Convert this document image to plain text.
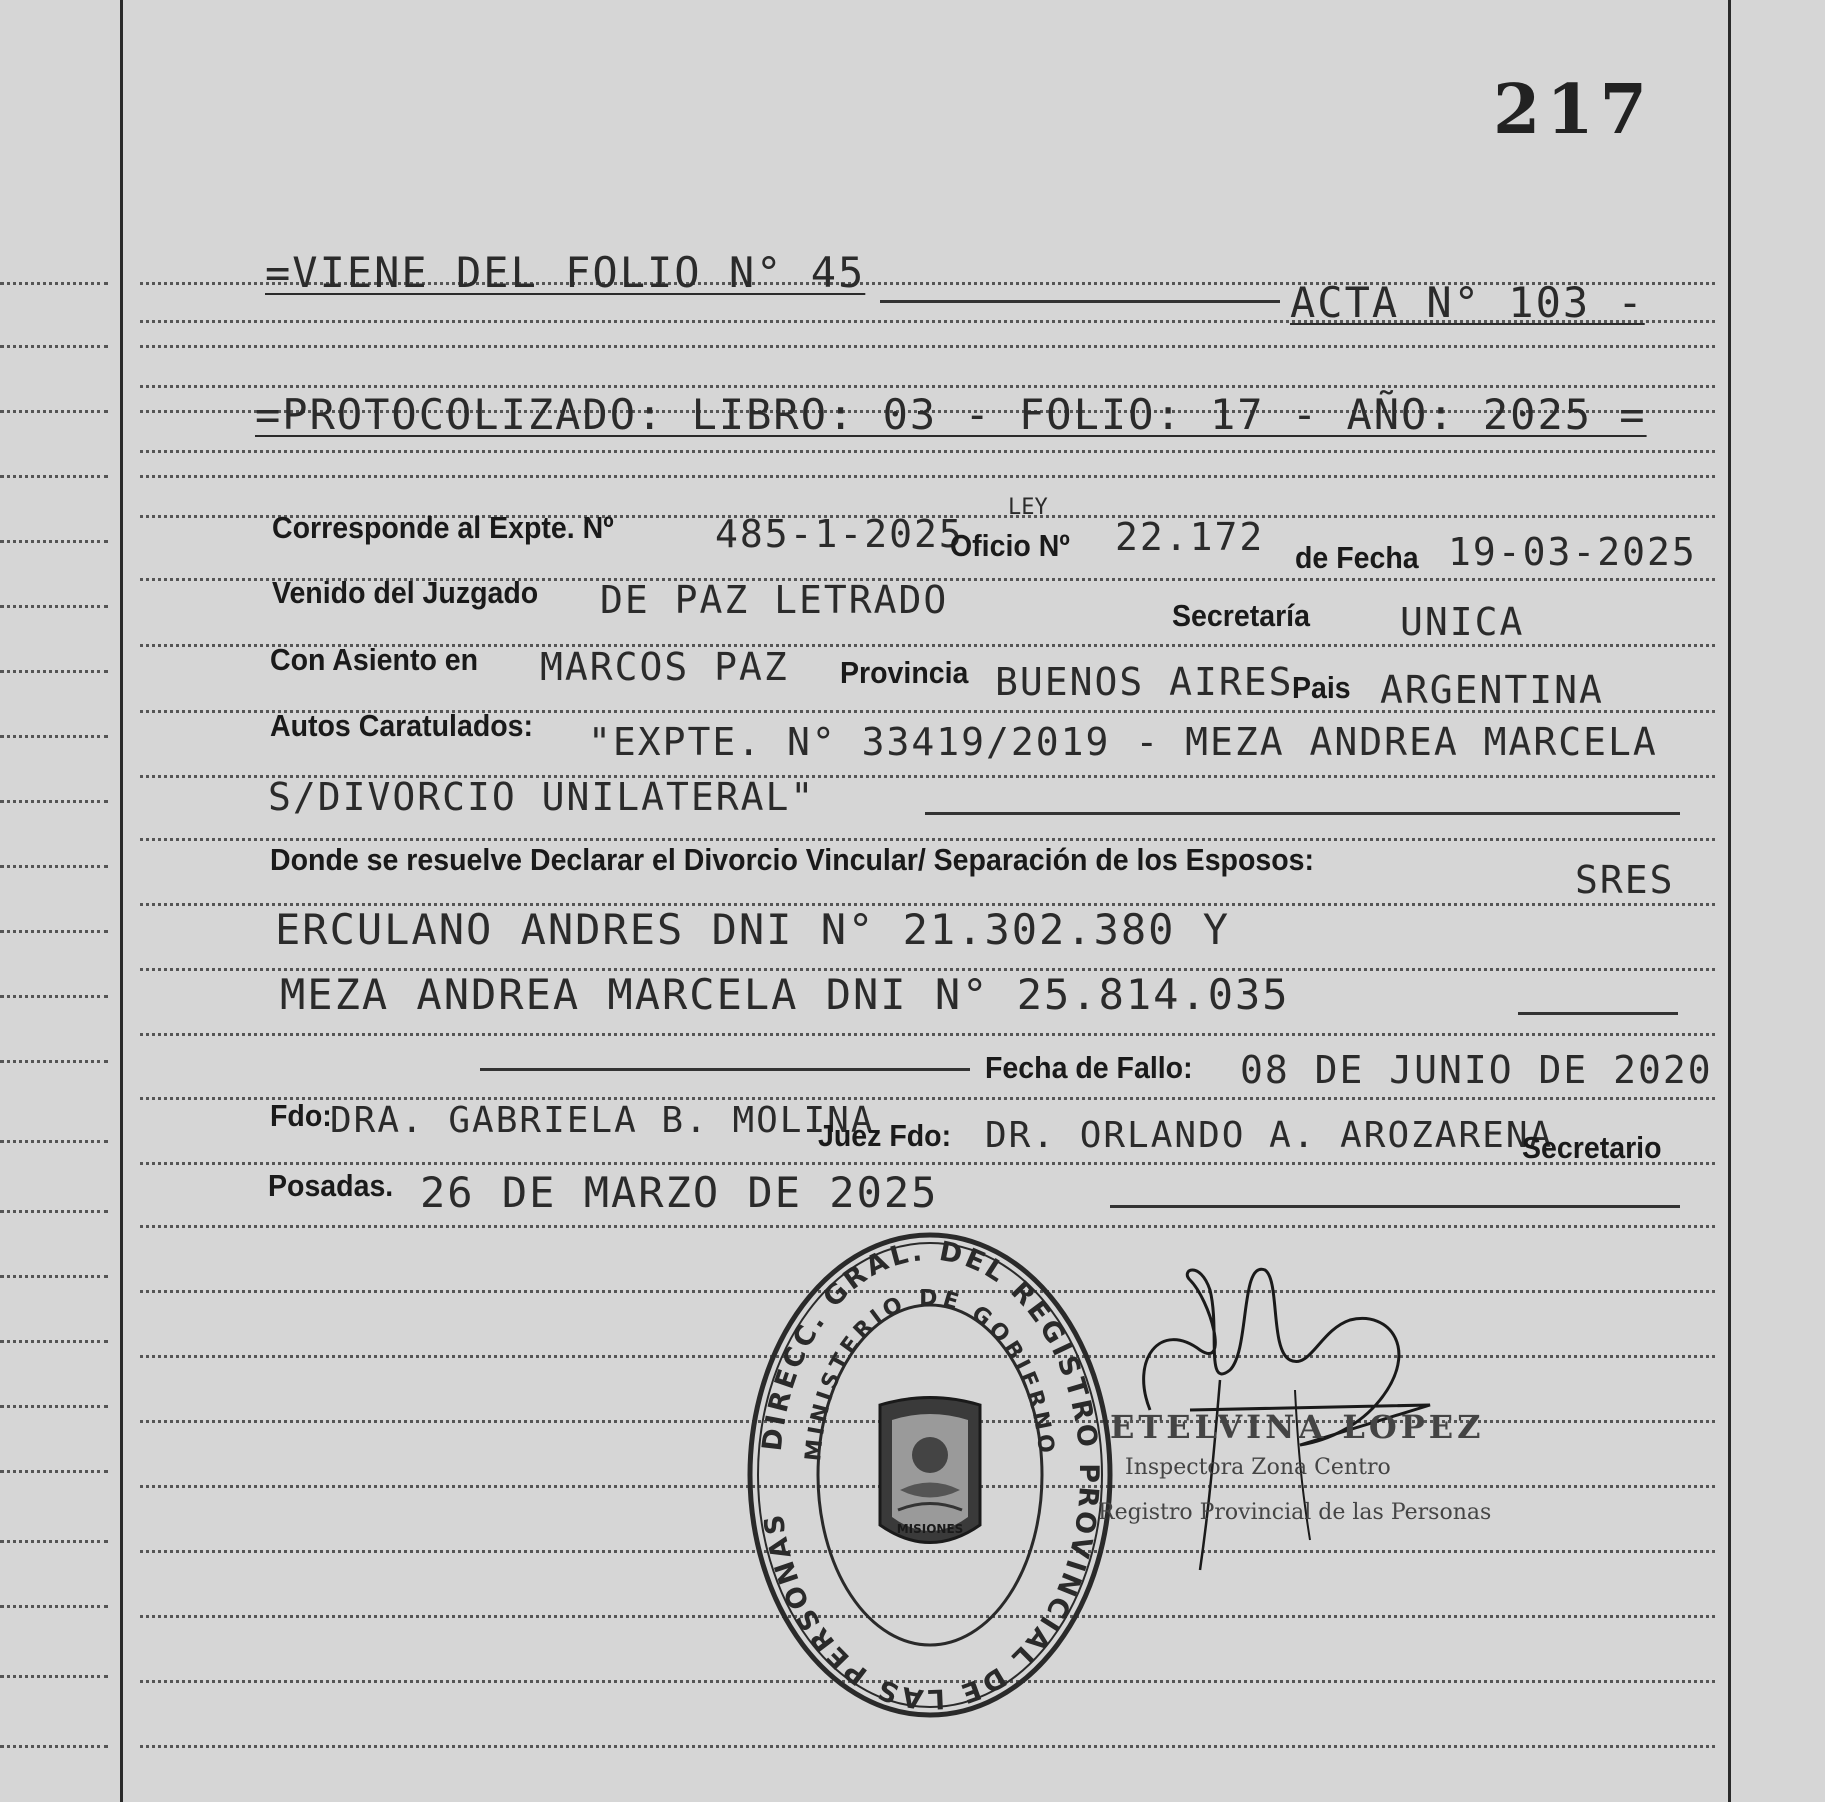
217
=VIENE DEL FOLIO N° 45
ACTA N° 103 -
=PROTOCOLIZADO: LIBRO: 03 - FOLIO: 17 - AÑO: 2025 =
Corresponde al Expte. Nº	485-1-2025
Oficio Nº
LEY
22.172 de Fecha 19-03-2025
Venido del Juzgado DE PAZ LETRADO	Secretaría UNICA
Con Asiento en MARCOS PAZ Provincia BUENOS AIRES
Pais ARGENTINA
Autos Caratulados: "EXPTE. N° 33419/2019 - MEZA ANDREA MARCELA
S/DIVORCIO UNILATERAL"
Donde se resuelve Declarar el Divorcio Vincular/ Separación de los Esposos:	SRES
ERCULANO ANDRES DNI N° 21.302.380 Y
MEZA ANDREA MARCELA DNI N° 25.814.035
Fecha de Fallo: 08 DE JUNIO DE 2020
Fdo:
DRA. GABRIELA B. MOLINA
Juez Fdo: DR. ORLANDO A. AROZARENA
Secretario
Posadas. 26 DE MARZO DE 2025
DIRECC. GRAL. DEL REGISTRO PROVINCIAL DE LAS PERSONAS
MINISTERIO DE GOBIERNO
MISIONES
ETELVINA LOPEZ
Inspectora Zona Centro
Registro Provincial de las Personas
